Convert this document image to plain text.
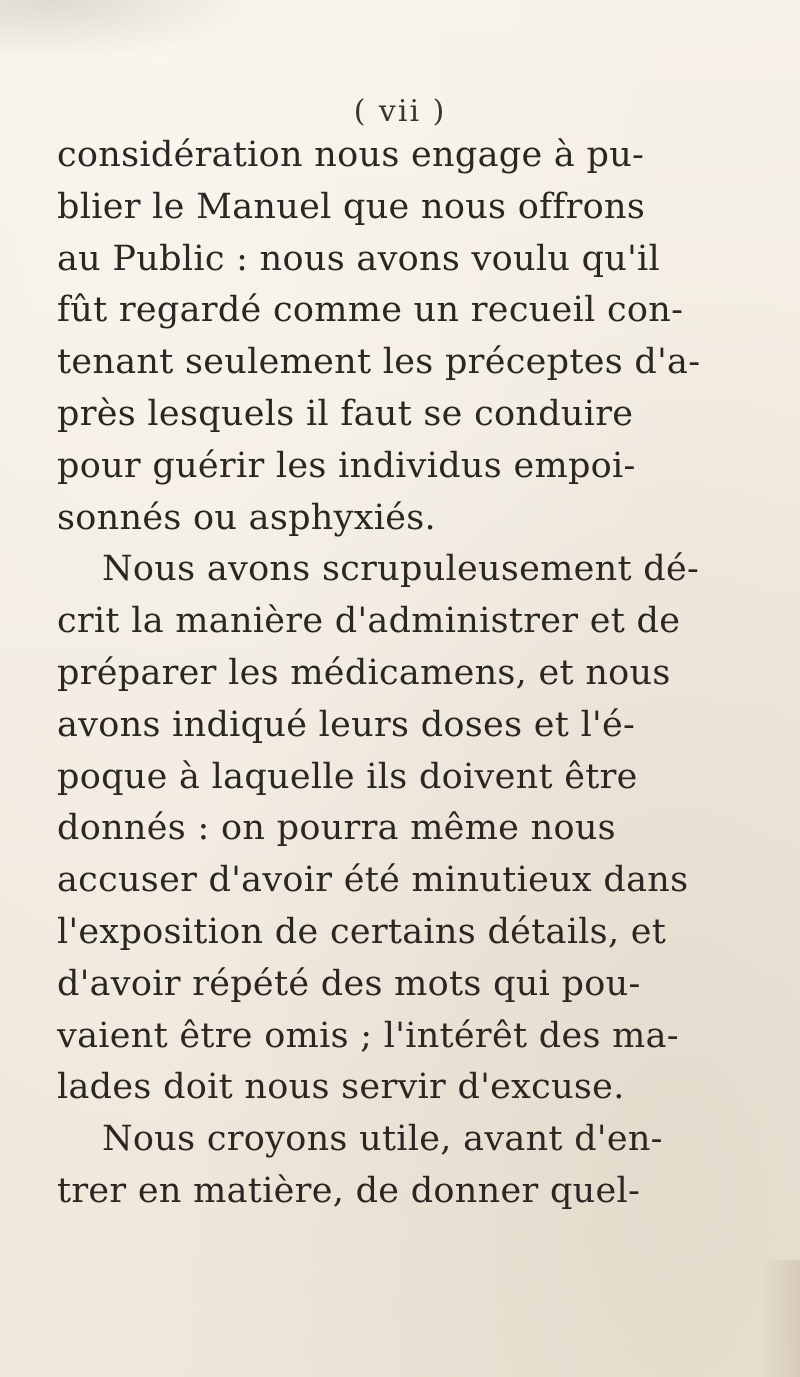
( vii )
considération nous engage à pu-
blier le Manuel que nous offrons
au Public : nous avons voulu qu'il
fût regardé comme un recueil con-
tenant seulement les préceptes d'a-
près lesquels il faut se conduire
pour guérir les individus empoi-
sonnés ou asphyxiés.
Nous avons scrupuleusement dé-
crit la manière d'administrer et de
préparer les médicamens, et nous
avons indiqué leurs doses et l'é-
poque à laquelle ils doivent être
donnés : on pourra même nous
accuser d'avoir été minutieux dans
l'exposition de certains détails, et
d'avoir répété des mots qui pou-
vaient être omis ; l'intérêt des ma-
lades doit nous servir d'excuse.
Nous croyons utile, avant d'en-
trer en matière, de donner quel-
